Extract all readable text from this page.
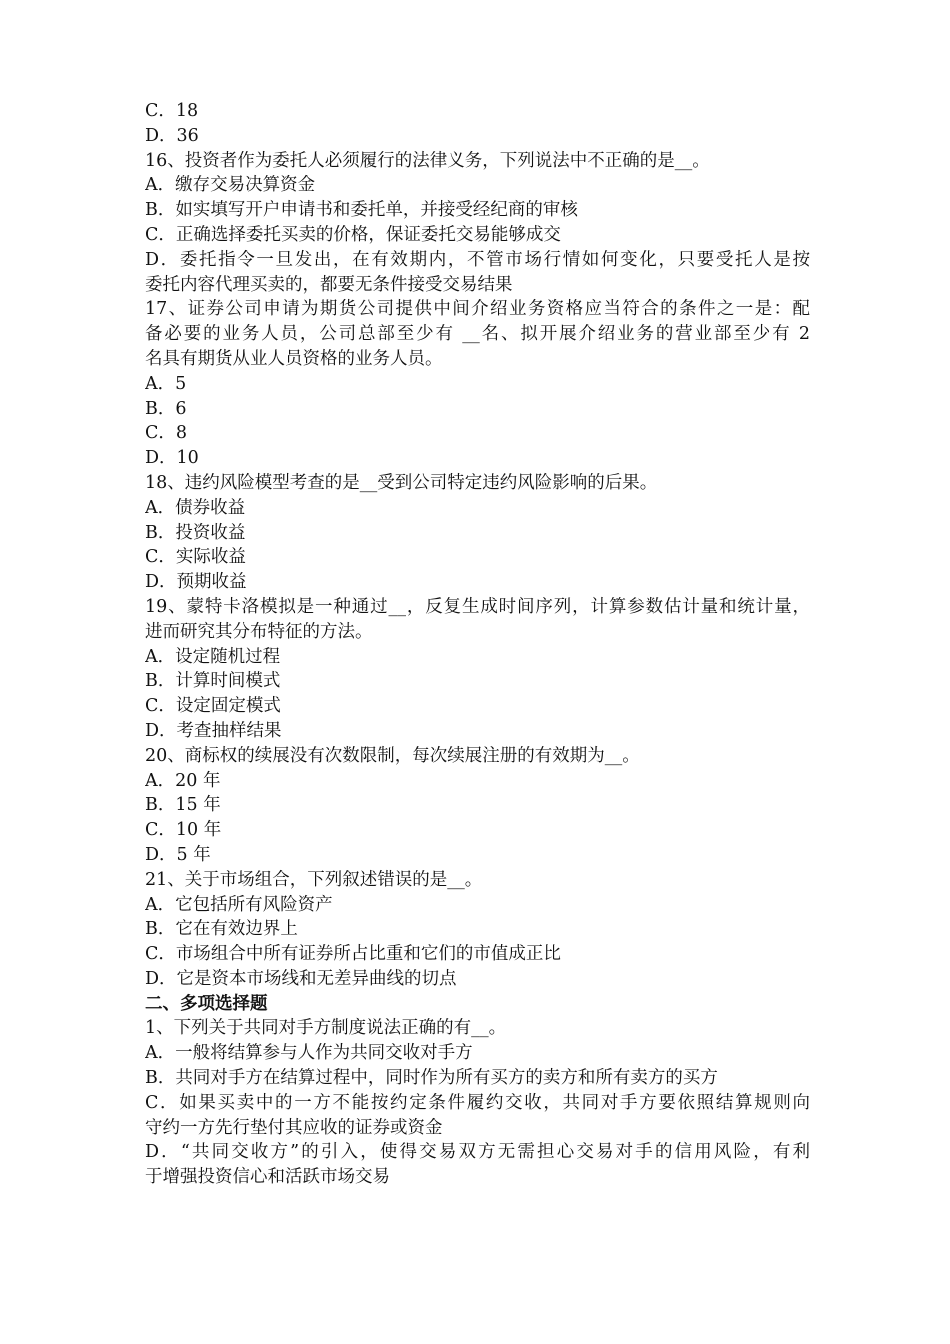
C．18
D．36
16、投资者作为委托人必须履行的法律义务，下列说法中不正确的是__。
A．缴存交易决算资金
B．如实填写开户申请书和委托单，并接受经纪商的审核
C．正确选择委托买卖的价格，保证委托交易能够成交
D．委托指令一旦发出，在有效期内，不管市场行情如何变化，只要受托人是按
委托内容代理买卖的，都要无条件接受交易结果
17、证券公司申请为期货公司提供中间介绍业务资格应当符合的条件之一是：配
备必要的业务人员，公司总部至少有 __名、拟开展介绍业务的营业部至少有 2
名具有期货从业人员资格的业务人员。
A．5
B．6
C．8
D．10
18、违约风险模型考查的是__受到公司特定违约风险影响的后果。
A．债券收益
B．投资收益
C．实际收益
D．预期收益
19、蒙特卡洛模拟是一种通过__，反复生成时间序列，计算参数估计量和统计量，
进而研究其分布特征的方法。
A．设定随机过程
B．计算时间模式
C．设定固定模式
D．考查抽样结果
20、商标权的续展没有次数限制，每次续展注册的有效期为__。
A．20 年
B．15 年
C．10 年
D．5 年
21、关于市场组合，下列叙述错误的是__。
A．它包括所有风险资产
B．它在有效边界上
C．市场组合中所有证券所占比重和它们的市值成正比
D．它是资本市场线和无差异曲线的切点
二、多项选择题
1、下列关于共同对手方制度说法正确的有__。
A．一般将结算参与人作为共同交收对手方
B．共同对手方在结算过程中，同时作为所有买方的卖方和所有卖方的买方
C．如果买卖中的一方不能按约定条件履约交收，共同对手方要依照结算规则向
守约一方先行垫付其应收的证券或资金
D．“共同交收方”的引入，使得交易双方无需担心交易对手的信用风险，有利
于增强投资信心和活跃市场交易
